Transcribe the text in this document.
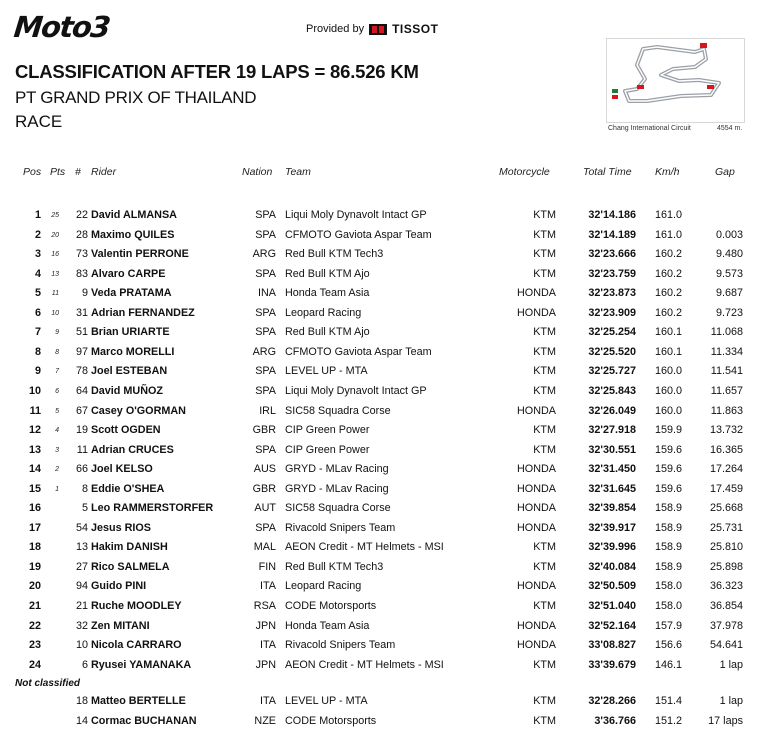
Moto3	Provided by TISSOT
CLASSIFICATION AFTER 19 LAPS = 86.526 KM
PT GRAND PRIX OF THAILAND
RACE	Chang International Circuit	4554 m.
Pos Pts # Rider	Nation Team	Motorcycle	Total Time Km/h	Gap
1 25 22 David ALMANSA	SPA Liqui Moly Dynavolt Intact GP	KTM	32'14.186 161.0
2 20 28 Maximo QUILES	SPA CFMOTO Gaviota Aspar Team	KTM	32'14.189 161.0	0.003
3 16 73 Valentin PERRONE	ARG Red Bull KTM Tech3	KTM	32'23.666 160.2	9.480
4 13 83 Alvaro CARPE	SPA Red Bull KTM Ajo	KTM	32'23.759 160.2	9.573
5 11 9 Veda PRATAMA	INA Honda Team Asia	HONDA	32'23.873 160.2	9.687
6 10 31 Adrian FERNANDEZ	SPA Leopard Racing	HONDA	32'23.909 160.2	9.723
7 9 51 Brian URIARTE	SPA Red Bull KTM Ajo	KTM	32'25.254 160.1	11.068
8 8 97 Marco MORELLI	ARG CFMOTO Gaviota Aspar Team	KTM	32'25.520 160.1	11.334
9 7 78 Joel ESTEBAN	SPA LEVEL UP - MTA	KTM	32'25.727 160.0	11.541
10 6 64 David MUÑOZ	SPA Liqui Moly Dynavolt Intact GP	KTM	32'25.843 160.0	11.657
11 5 67 Casey O'GORMAN	IRL SIC58 Squadra Corse	HONDA	32'26.049 160.0	11.863
12 4 19 Scott OGDEN	GBR CIP Green Power	KTM	32'27.918 159.9	13.732
13 3 11 Adrian CRUCES	SPA CIP Green Power	KTM	32'30.551 159.6	16.365
14 2 66 Joel KELSO	AUS GRYD - MLav Racing	HONDA	32'31.450 159.6	17.264
15 1 8 Eddie O'SHEA	GBR GRYD - MLav Racing	HONDA	32'31.645 159.6	17.459
16	5 Leo RAMMERSTORFER	AUT SIC58 Squadra Corse	HONDA	32'39.854 158.9	25.668
17	54 Jesus RIOS	SPA Rivacold Snipers Team	HONDA	32'39.917 158.9	25.731
18	13 Hakim DANISH	MAL AEON Credit - MT Helmets - MSI	KTM	32'39.996 158.9	25.810
19	27 Rico SALMELA	FIN Red Bull KTM Tech3	KTM	32'40.084 158.9	25.898
20	94 Guido PINI	ITA Leopard Racing	HONDA	32'50.509 158.0	36.323
21	21 Ruche MOODLEY	RSA CODE Motorsports	KTM	32'51.040 158.0	36.854
22	32 Zen MITANI	JPN Honda Team Asia	HONDA	32'52.164 157.9	37.978
23	10 Nicola CARRARO	ITA Rivacold Snipers Team	HONDA	33'08.827 156.6	54.641
24	6 Ryusei YAMANAKA	JPN AEON Credit - MT Helmets - MSI	KTM	33'39.679 146.1	1 lap
Not classified
18 Matteo BERTELLE	ITA LEVEL UP - MTA	KTM	32'28.266 151.4	1 lap
14 Cormac BUCHANAN	NZE CODE Motorsports	KTM	3'36.766 151.2 17 laps
